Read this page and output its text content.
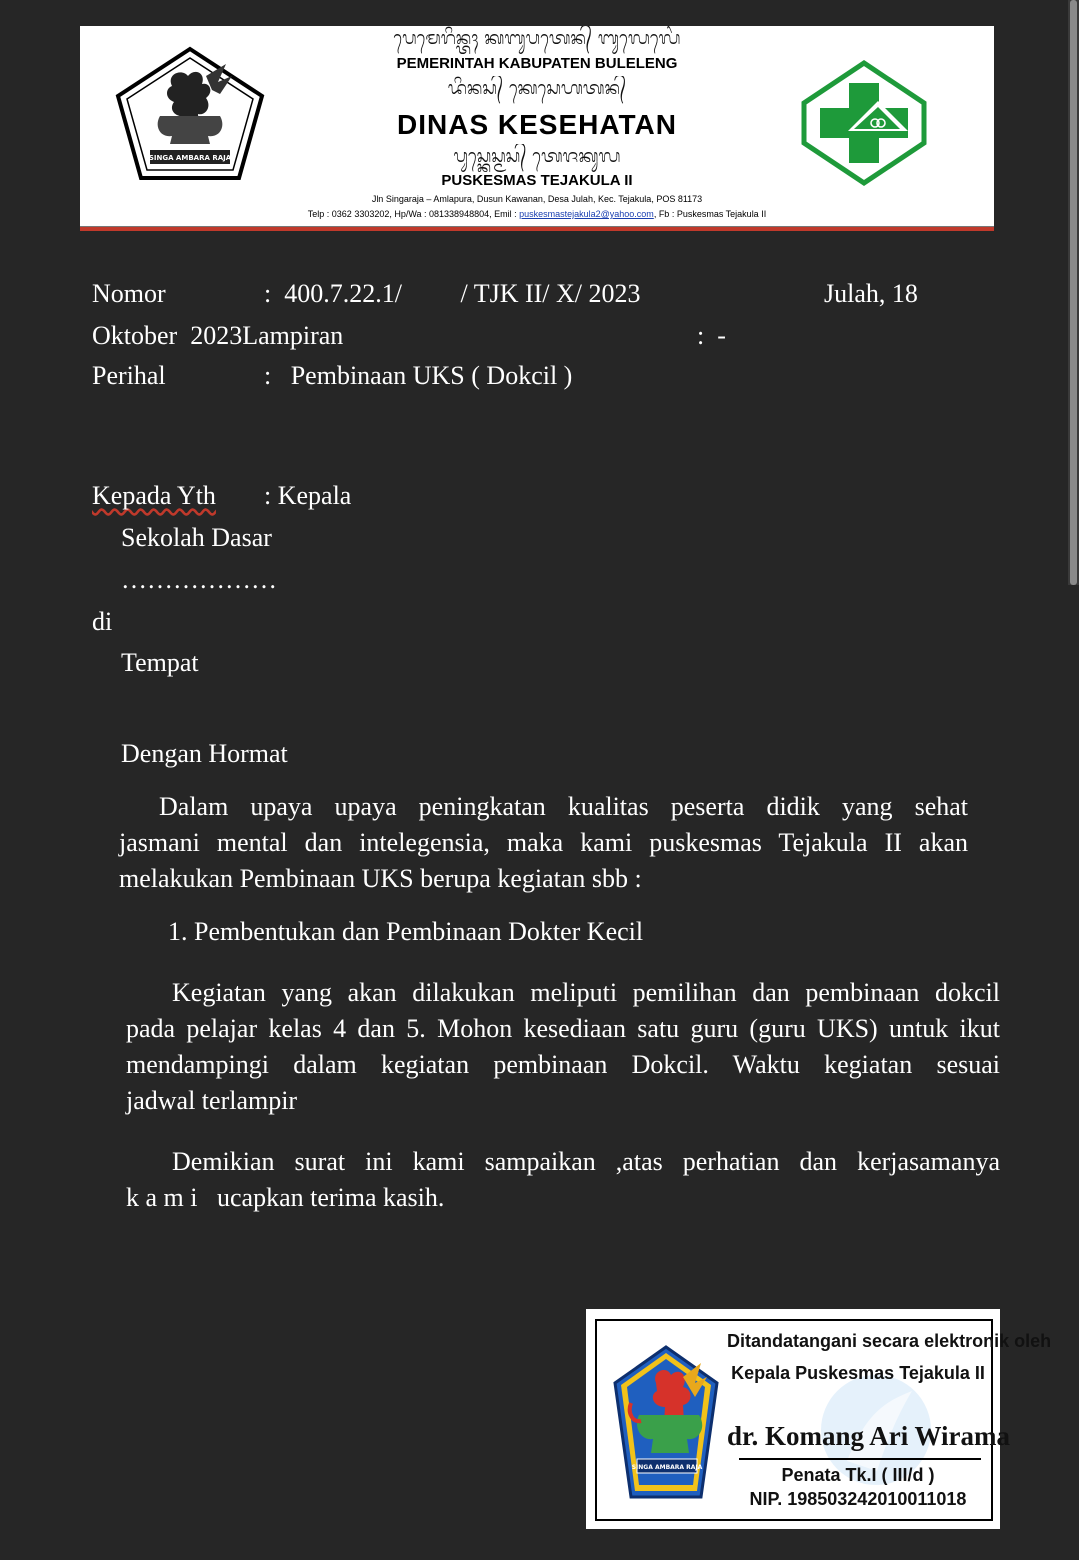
ᬧᬾᬫᬾᬭᬶᬦ᭄ᬢᬄ ᬓᬩᬸᬧᬢᬾᬦ᭄ ᬩᬸᬮᬾᬮᬾᬂ
PEMERINTAH KABUPATEN BULELENG
ᬤᬶᬦᬲ᭄ ᬓᬾᬲᬾᬳᬢᬦ᭄
DINAS KESEHATAN
ᬧᬸᬲ᭄ᬓᬾᬲ᭄ᬫᬲ᭄ ᬢᬾᬚᬓᬸᬮ
PUSKESMAS TEJAKULA II
Jln Singaraja – Amlapura, Dusun Kawanan, Desa Julah, Kec. Tejakula, POS 81173
Telp : 0362 3303202, Hp/Wa : 081338948804, Emil : puskesmastejakula2@yahoo.com, Fb : Puskesmas Tejakula II
SINGA AMBARA RAJA
Nomor	:  400.7.22.1/         / TJK II/ X/ 2023	Julah, 18
Oktober  2023Lampiran	:  -
Perihal	:   Pembinaan UKS ( Dokcil )
Kepada Yth : Kepala
Sekolah Dasar
………………
di
Tempat
Dengan Hormat
Dalam upaya upaya peningkatan kualitas peserta didik yang sehat
jasmani mental dan intelegensia, maka kami puskesmas Tejakula II akan
melakukan Pembinaan UKS berupa kegiatan sbb :
1. Pembentukan dan Pembinaan Dokter Kecil
Kegiatan yang akan dilakukan meliputi pemilihan dan pembinaan dokcil
pada pelajar kelas 4 dan 5. Mohon kesediaan satu guru (guru UKS) untuk ikut
mendampingi dalam kegiatan pembinaan Dokcil. Waktu kegiatan sesuai
jadwal terlampir
Demikian surat ini kami sampaikan ,atas perhatian dan kerjasamanya
k a m i   ucapkan terima kasih.
SINGA AMBARA RAJA
Ditandatangani secara elektronik oleh
Kepala Puskesmas Tejakula II
dr. Komang Ari Wirama
Penata Tk.I ( III/d )
NIP. 198503242010011018
